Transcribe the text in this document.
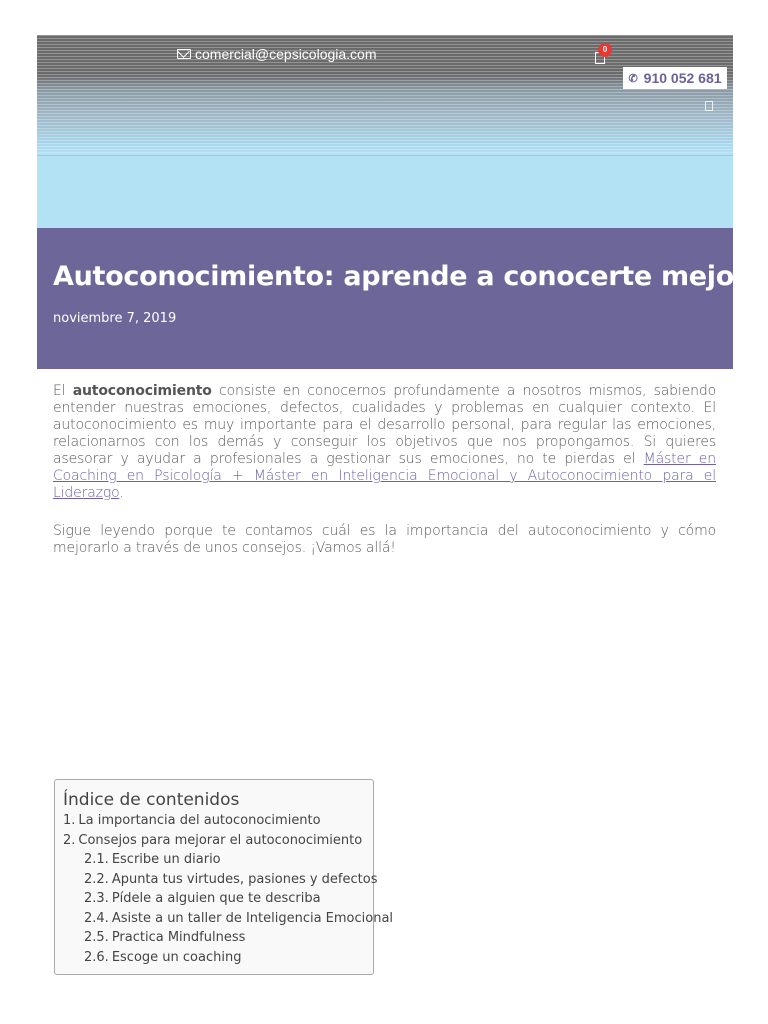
comercial@cepsicologia.com	0
✆ 910 052 681
Autoconocimiento: aprende a conocerte mejor
noviembre 7, 2019

El autoconocimiento consiste en conocernos profundamente a nosotros mismos, sabiendo entender nuestras emociones, defectos, cualidades y problemas en cualquier contexto. El autoconocimiento es muy importante para el desarrollo personal, para regular las emociones, relacionarnos con los demás y conseguir los objetivos que nos propongamos. Si quieres asesorar y ayudar a profesionales a gestionar sus emociones, no te pierdas el Máster en Coaching en Psicología + Máster en Inteligencia Emocional y Autoconocimiento para el Liderazgo.

Sigue leyendo porque te contamos cuál es la importancia del autoconocimiento y cómo mejorarlo a través de unos consejos. ¡Vamos allá!

Índice de contenidos
1. La importancia del autoconocimiento
2. Consejos para mejorar el autoconocimiento
2.1. Escribe un diario
2.2. Apunta tus virtudes, pasiones y defectos
2.3. Pídele a alguien que te describa
2.4. Asiste a un taller de Inteligencia Emocional
2.5. Practica Mindfulness
2.6. Escoge un coaching
